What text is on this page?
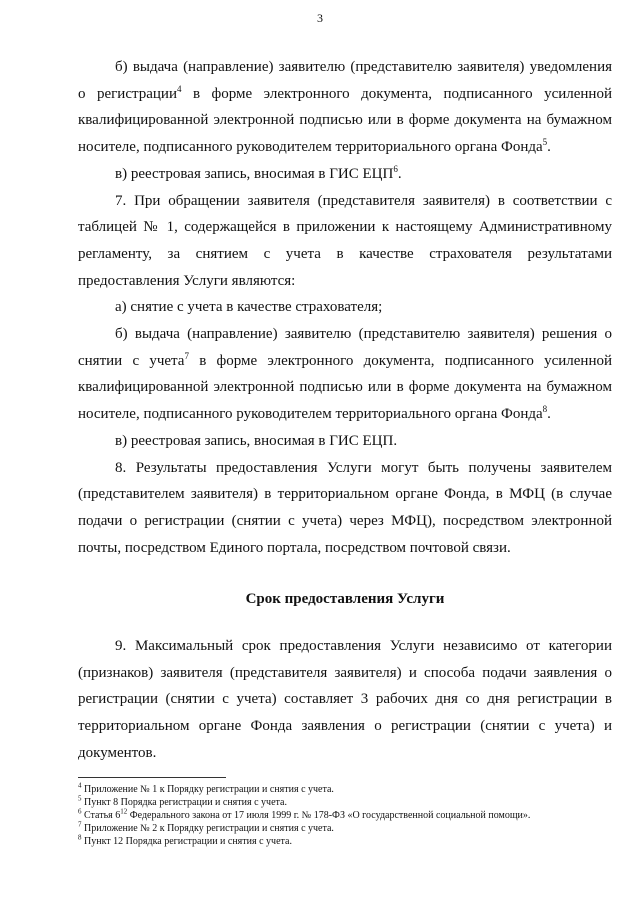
3

б) выдача (направление) заявителю (представителю заявителя) уведомления о регистрации$^4$ в форме электронного документа, подписанного усиленной квалифицированной электронной подписью или в форме документа на бумажном носителе, подписанного руководителем территориального органа Фонда$^5$.

в) реестровая запись, вносимая в ГИС ЕЦП$^6$.

7. При обращении заявителя (представителя заявителя) в соответствии с таблицей № 1, содержащейся в приложении к настоящему Административному регламенту, за снятием с учета в качестве страхователя результатами предоставления Услуги являются:

а) снятие с учета в качестве страхователя;

б) выдача (направление) заявителю (представителю заявителя) решения о снятии с учета$^7$ в форме электронного документа, подписанного усиленной квалифицированной электронной подписью или в форме документа на бумажном носителе, подписанного руководителем территориального органа Фонда$^8$.

в) реестровая запись, вносимая в ГИС ЕЦП.

8. Результаты предоставления Услуги могут быть получены заявителем (представителем заявителя) в территориальном органе Фонда, в МФЦ (в случае подачи о регистрации (снятии с учета) через МФЦ), посредством электронной почты, посредством Единого портала, посредством почтовой связи.

Срок предоставления Услуги

9. Максимальный срок предоставления Услуги независимо от категории (признаков) заявителя (представителя заявителя) и способа подачи заявления о регистрации (снятии с учета) составляет 3 рабочих дня со дня регистрации в территориальном органе Фонда заявления о регистрации (снятии с учета) и документов.

$^4$ Приложение № 1 к Порядку регистрации и снятия с учета.
$^5$ Пункт 8 Порядка регистрации и снятия с учета.
$^6$ Статья $6^{12}$ Федерального закона от 17 июля 1999 г. № 178-ФЗ «О государственной социальной помощи».
$^7$ Приложение № 2 к Порядку регистрации и снятия с учета.
$^8$ Пункт 12 Порядка регистрации и снятия с учета.
